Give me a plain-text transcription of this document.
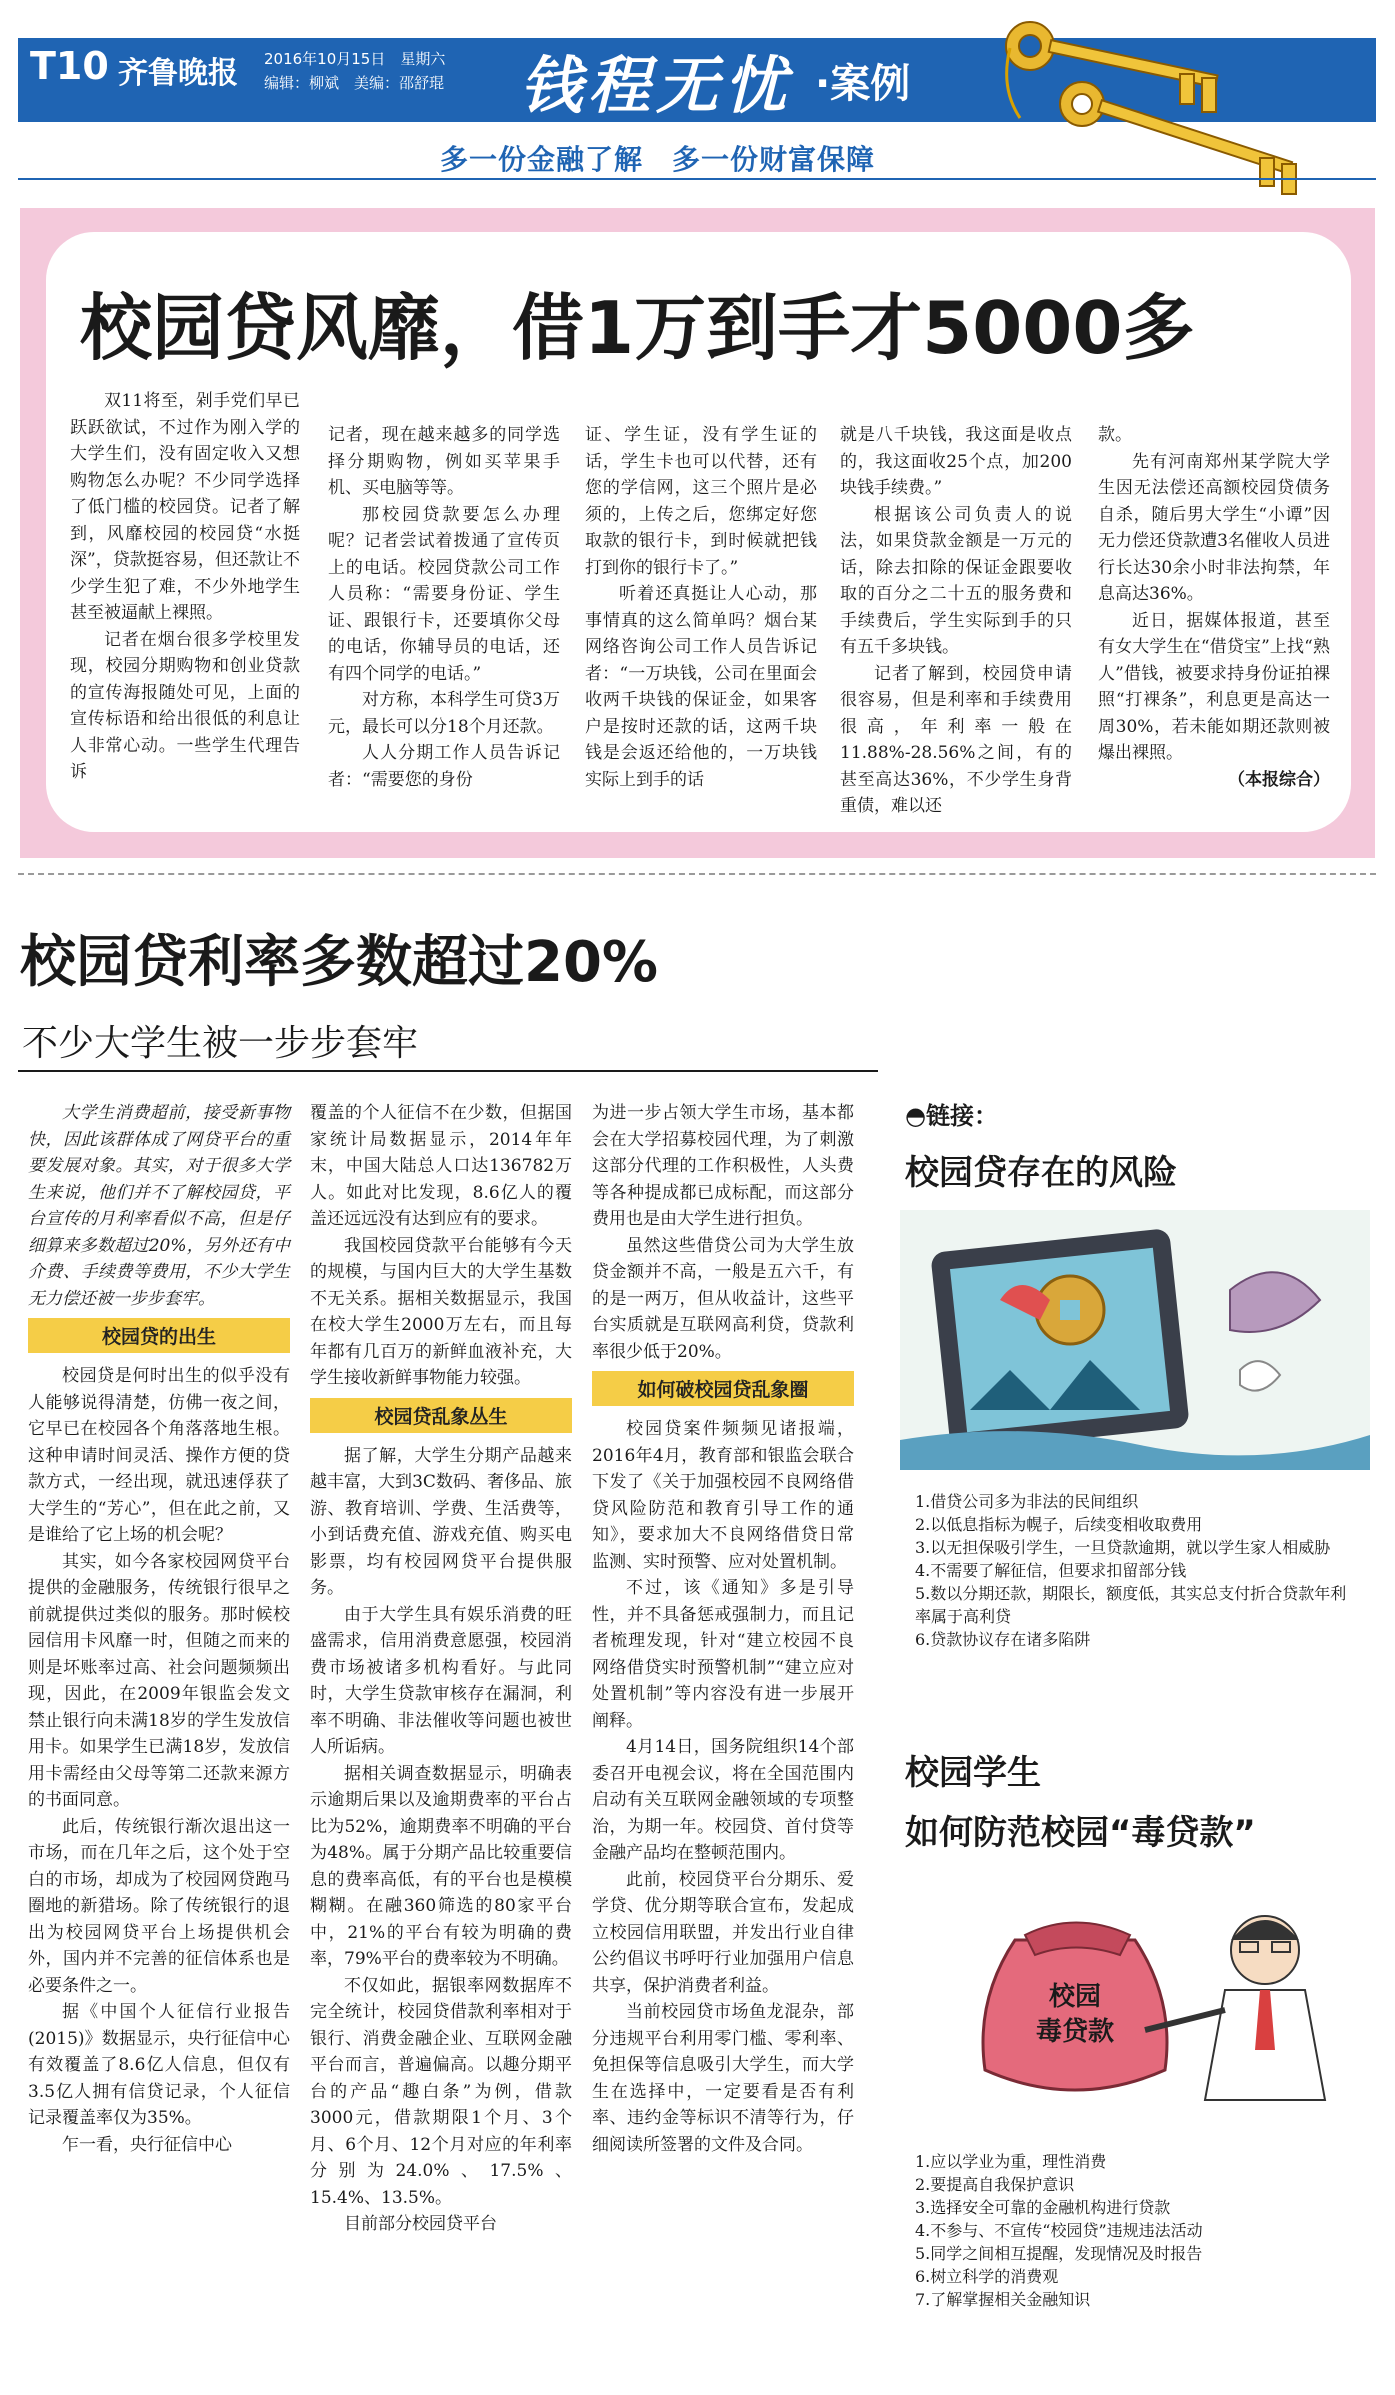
T10 齐鲁晚报 2016年10月15日　星期六
编辑：柳斌　美编：邵舒琨 钱程无忧 ·案例
多一份金融了解　多一份财富保障
校园贷风靡，借1万到手才5000多

双11将至，剁手党们早已跃跃欲试，不过作为刚入学的大学生们，没有固定收入又想购物怎么办呢？不少同学选择了低门槛的校园贷。记者了解到，风靡校园的校园贷“水挺深”，贷款挺容易，但还款让不少学生犯了难，不少外地学生甚至被逼献上裸照。

记者在烟台很多学校里发现，校园分期购物和创业贷款的宣传海报随处可见，上面的宣传标语和给出很低的利息让人非常心动。一些学生代理告诉

记者，现在越来越多的同学选择分期购物，例如买苹果手机、买电脑等等。

那校园贷款要怎么办理呢？记者尝试着拨通了宣传页上的电话。校园贷款公司工作人员称：“需要身份证、学生证、跟银行卡，还要填你父母的电话，你辅导员的电话，还有四个同学的电话。”

对方称，本科学生可贷3万元，最长可以分18个月还款。

人人分期工作人员告诉记者：“需要您的身份

证、学生证，没有学生证的话，学生卡也可以代替，还有您的学信网，这三个照片是必须的，上传之后，您绑定好您取款的银行卡，到时候就把钱打到你的银行卡了。”

听着还真挺让人心动，那事情真的这么简单吗？烟台某网络咨询公司工作人员告诉记者：“一万块钱，公司在里面会收两千块钱的保证金，如果客户是按时还款的话，这两千块钱是会返还给他的，一万块钱实际上到手的话

就是八千块钱，我这面是收点的，我这面收25个点，加200块钱手续费。”

根据该公司负责人的说法，如果贷款金额是一万元的话，除去扣除的保证金跟要收取的百分之二十五的服务费和手续费后，学生实际到手的只有五千多块钱。

记者了解到，校园贷申请很容易，但是利率和手续费用很高，年利率一般在11.88%-28.56%之间，有的甚至高达36%，不少学生身背重债，难以还

款。

先有河南郑州某学院大学生因无法偿还高额校园贷债务自杀，随后男大学生“小谭”因无力偿还贷款遭3名催收人员进行长达30余小时非法拘禁，年息高达36%。

近日，据媒体报道，甚至有女大学生在“借贷宝”上找“熟人”借钱，被要求持身份证拍裸照“打裸条”，利息更是高达一周30%，若未能如期还款则被爆出裸照。

（本报综合）

校园贷利率多数超过20%
不少大学生被一步步套牢
大学生消费超前，接受新事物快，因此该群体成了网贷平台的重要发展对象。其实，对于很多大学生来说，他们并不了解校园贷，平台宣传的月利率看似不高，但是仔细算来多数超过20%，另外还有中介费、手续费等费用，不少大学生无力偿还被一步步套牢。
校园贷的出生

校园贷是何时出生的似乎没有人能够说得清楚，仿佛一夜之间，它早已在校园各个角落落地生根。这种申请时间灵活、操作方便的贷款方式，一经出现，就迅速俘获了大学生的“芳心”，但在此之前，又是谁给了它上场的机会呢？

其实，如今各家校园网贷平台提供的金融服务，传统银行很早之前就提供过类似的服务。那时候校园信用卡风靡一时，但随之而来的则是坏账率过高、社会问题频频出现，因此，在2009年银监会发文禁止银行向未满18岁的学生发放信用卡。如果学生已满18岁，发放信用卡需经由父母等第二还款来源方的书面同意。

此后，传统银行渐次退出这一市场，而在几年之后，这个处于空白的市场，却成为了校园网贷跑马圈地的新猎场。除了传统银行的退出为校园网贷平台上场提供机会外，国内并不完善的征信体系也是必要条件之一。

据《中国个人征信行业报告(2015)》数据显示，央行征信中心有效覆盖了8.6亿人信息，但仅有3.5亿人拥有信贷记录，个人征信记录覆盖率仅为35%。

乍一看，央行征信中心

覆盖的个人征信不在少数，但据国家统计局数据显示，2014年年末，中国大陆总人口达136782万人。如此对比发现，8.6亿人的覆盖还远远没有达到应有的要求。

我国校园贷款平台能够有今天的规模，与国内巨大的大学生基数不无关系。据相关数据显示，我国在校大学生2000万左右，而且每年都有几百万的新鲜血液补充，大学生接收新鲜事物能力较强。

校园贷乱象丛生

据了解，大学生分期产品越来越丰富，大到3C数码、奢侈品、旅游、教育培训、学费、生活费等，小到话费充值、游戏充值、购买电影票，均有校园网贷平台提供服务。

由于大学生具有娱乐消费的旺盛需求，信用消费意愿强，校园消费市场被诸多机构看好。与此同时，大学生贷款审核存在漏洞，利率不明确、非法催收等问题也被世人所诟病。

据相关调查数据显示，明确表示逾期后果以及逾期费率的平台占比为52%，逾期费率不明确的平台为48%。属于分期产品比较重要信息的费率高低，有的平台也是模模糊糊。在融360筛选的80家平台中，21%的平台有较为明确的费率，79%平台的费率较为不明确。

不仅如此，据银率网数据库不完全统计，校园贷借款利率相对于银行、消费金融企业、互联网金融平台而言，普遍偏高。以趣分期平台的产品“趣白条”为例，借款3000元，借款期限1个月、3个月、6个月、12个月对应的年利率分别为24.0%、17.5%、15.4%、13.5%。

目前部分校园贷平台

为进一步占领大学生市场，基本都会在大学招募校园代理，为了刺激这部分代理的工作积极性，人头费等各种提成都已成标配，而这部分费用也是由大学生进行担负。

虽然这些借贷公司为大学生放贷金额并不高，一般是五六千，有的是一两万，但从收益计，这些平台实质就是互联网高利贷，贷款利率很少低于20%。

如何破校园贷乱象圈

校园贷案件频频见诸报端，2016年4月，教育部和银监会联合下发了《关于加强校园不良网络借贷风险防范和教育引导工作的通知》，要求加大不良网络借贷日常监测、实时预警、应对处置机制。

不过，该《通知》多是引导性，并不具备惩戒强制力，而且记者梳理发现，针对“建立校园不良网络借贷实时预警机制”“建立应对处置机制”等内容没有进一步展开阐释。

4月14日，国务院组织14个部委召开电视会议，将在全国范围内启动有关互联网金融领域的专项整治，为期一年。校园贷、首付贷等金融产品均在整顿范围内。

此前，校园贷平台分期乐、爱学贷、优分期等联合宣布，发起成立校园信用联盟，并发出行业自律公约倡议书呼吁行业加强用户信息共享，保护消费者利益。

当前校园贷市场鱼龙混杂，部分违规平台利用零门槛、零利率、免担保等信息吸引大学生，而大学生在选择中，一定要看是否有利率、违约金等标识不清等行为，仔细阅读所签署的文件及合同。

◓链接：
校园贷存在的风险
1.借贷公司多为非法的民间组织
2.以低息指标为幌子，后续变相收取费用
3.以无担保吸引学生，一旦贷款逾期，就以学生家人相威胁
4.不需要了解征信，但要求扣留部分钱
5.数以分期还款，期限长，额度低，其实总支付折合贷款年利率属于高利贷
6.贷款协议存在诸多陷阱
校园学生
如何防范校园“毒贷款”
校园
毒贷款
1.应以学业为重，理性消费
2.要提高自我保护意识
3.选择安全可靠的金融机构进行贷款
4.不参与、不宣传“校园贷”违规违法活动
5.同学之间相互提醒，发现情况及时报告
6.树立科学的消费观
7.了解掌握相关金融知识
